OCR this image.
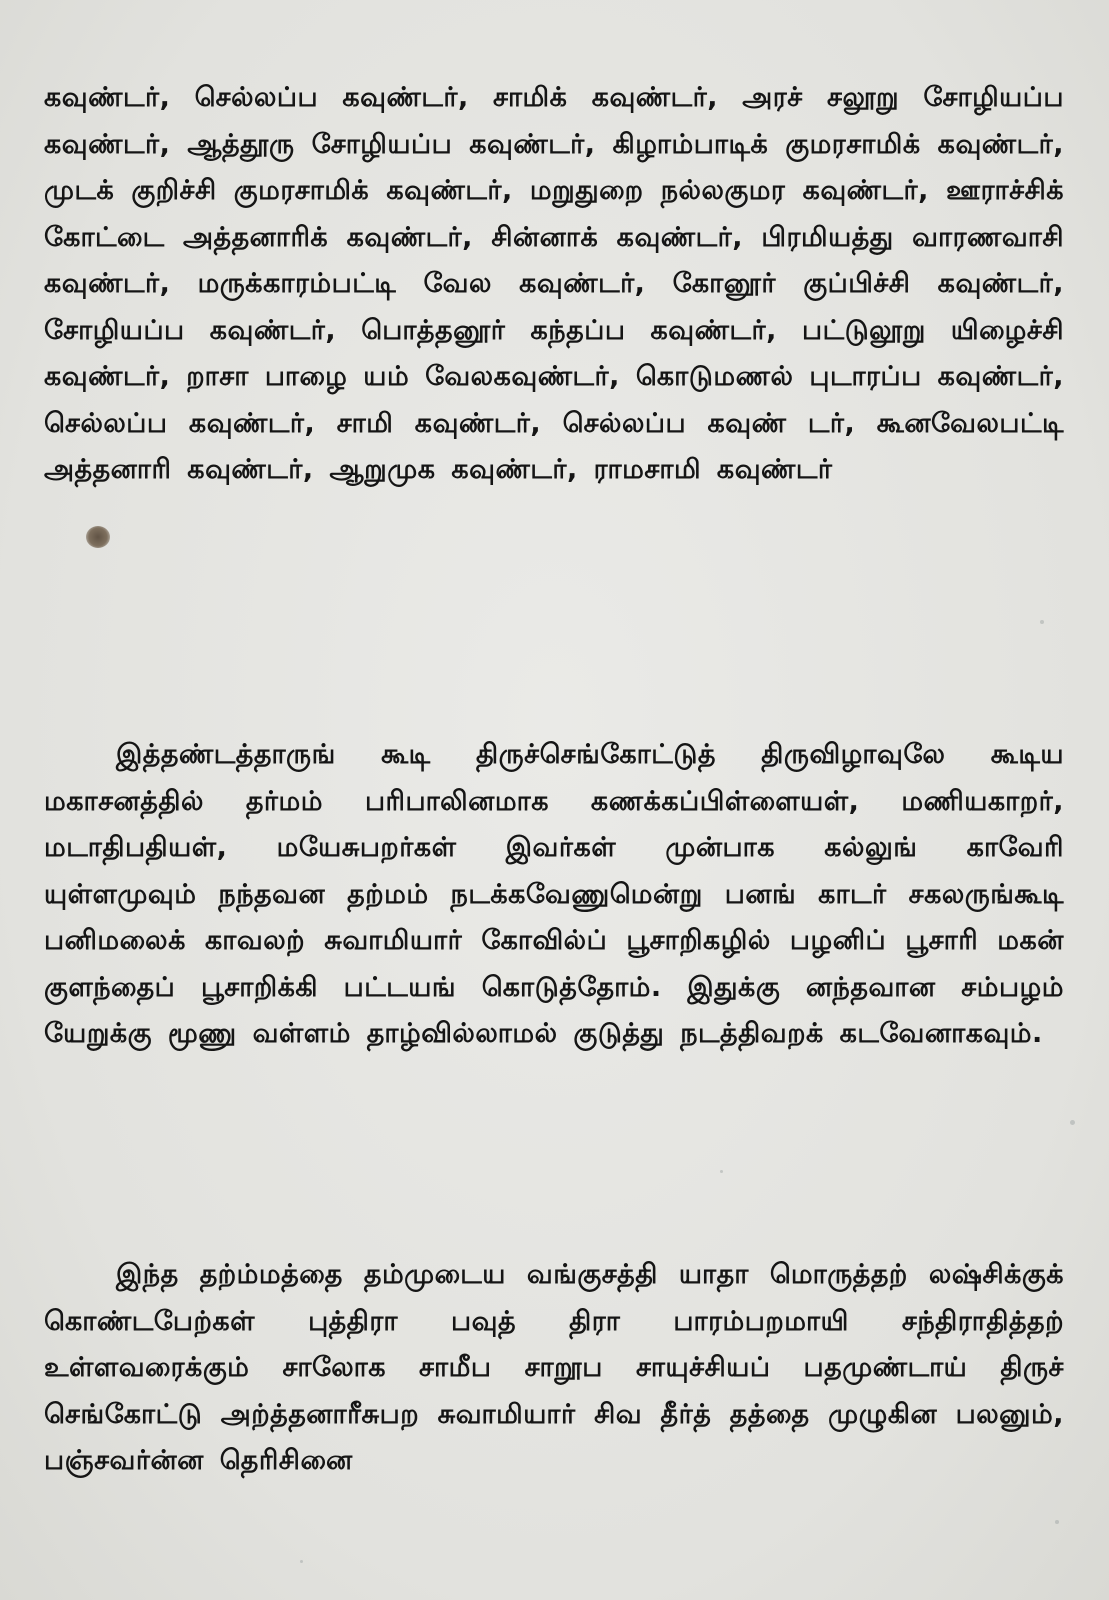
கவுண்டர், செல்லப்ப கவுண்டர், சாமிக் கவுண்டர், அரச் சலூறு சோழியப்ப கவுண்டர், ஆத்தூரு சோழியப்ப கவுண்டர், கிழாம்பாடிக் குமரசாமிக் கவுண்டர், முடக் குறிச்சி குமரசாமிக் கவுண்டர், மறுதுறை நல்லகுமர கவுண்டர், ஊராச்சிக் கோட்டை அத்தனாரிக் கவுண்டர், சின்னாக் கவுண்டர், பிரமியத்து வாரணவாசி கவுண்டர், மருக்காரம்பட்டி வேல கவுண்டர், கோனூர் குப்பிச்சி கவுண்டர், சோழியப்ப கவுண்டர், பொத்தனூர் கந்தப்ப கவுண்டர், பட்டுலூறு யிழைச்சி கவுண்டர், றாசா பாழை யம் வேலகவுண்டர், கொடுமணல் புடாரப்ப கவுண்டர், செல்லப்ப கவுண்டர், சாமி கவுண்டர், செல்லப்ப கவுண் டர், கூனவேலபட்டி அத்தனாரி கவுண்டர், ஆறுமுக கவுண்டர், ராமசாமி கவுண்டர்

இத்தண்டத்தாருங் கூடி திருச்செங்கோட்டுத் திருவிழாவுலே கூடிய மகாசனத்தில் தர்மம் பரிபாலினமாக கணக்கப்பிள்ளையள், மணியகாறர், மடாதிபதியள், மயேசுபறர்கள் இவர்கள் முன்பாக கல்லுங் காவேரி யுள்ளமுவும் நந்தவன தற்மம் நடக்கவேணுமென்று பனங் காடர் சகலருங்கூடி பனிமலைக் காவலற் சுவாமியார் கோவில்ப் பூசாறிகழில் பழனிப் பூசாரி மகன் குளந்தைப் பூசாறிக்கி பட்டயங் கொடுத்தோம். இதுக்கு னந்தவான சம்பழம் யேறுக்கு மூணு வள்ளம் தாழ்வில்லாமல் குடுத்து நடத்திவறக் கடவேனாகவும்.

இந்த தற்ம்மத்தை தம்முடைய வங்குசத்தி யாதா மொருத்தற் லஷ்சிக்குக் கொண்டபேற்கள் புத்திரா பவுத் திரா பாரம்பறமாயி சந்திராதித்தற் உள்ளவரைக்கும் சாலோக சாமீப சாறூப சாயுச்சியப் பதமுண்டாய் திருச் செங்கோட்டு அற்த்தனாரீசுபற சுவாமியார் சிவ தீர்த் தத்தை முழுகின பலனும், பஞ்சவர்ன்ன தெரிசினை
